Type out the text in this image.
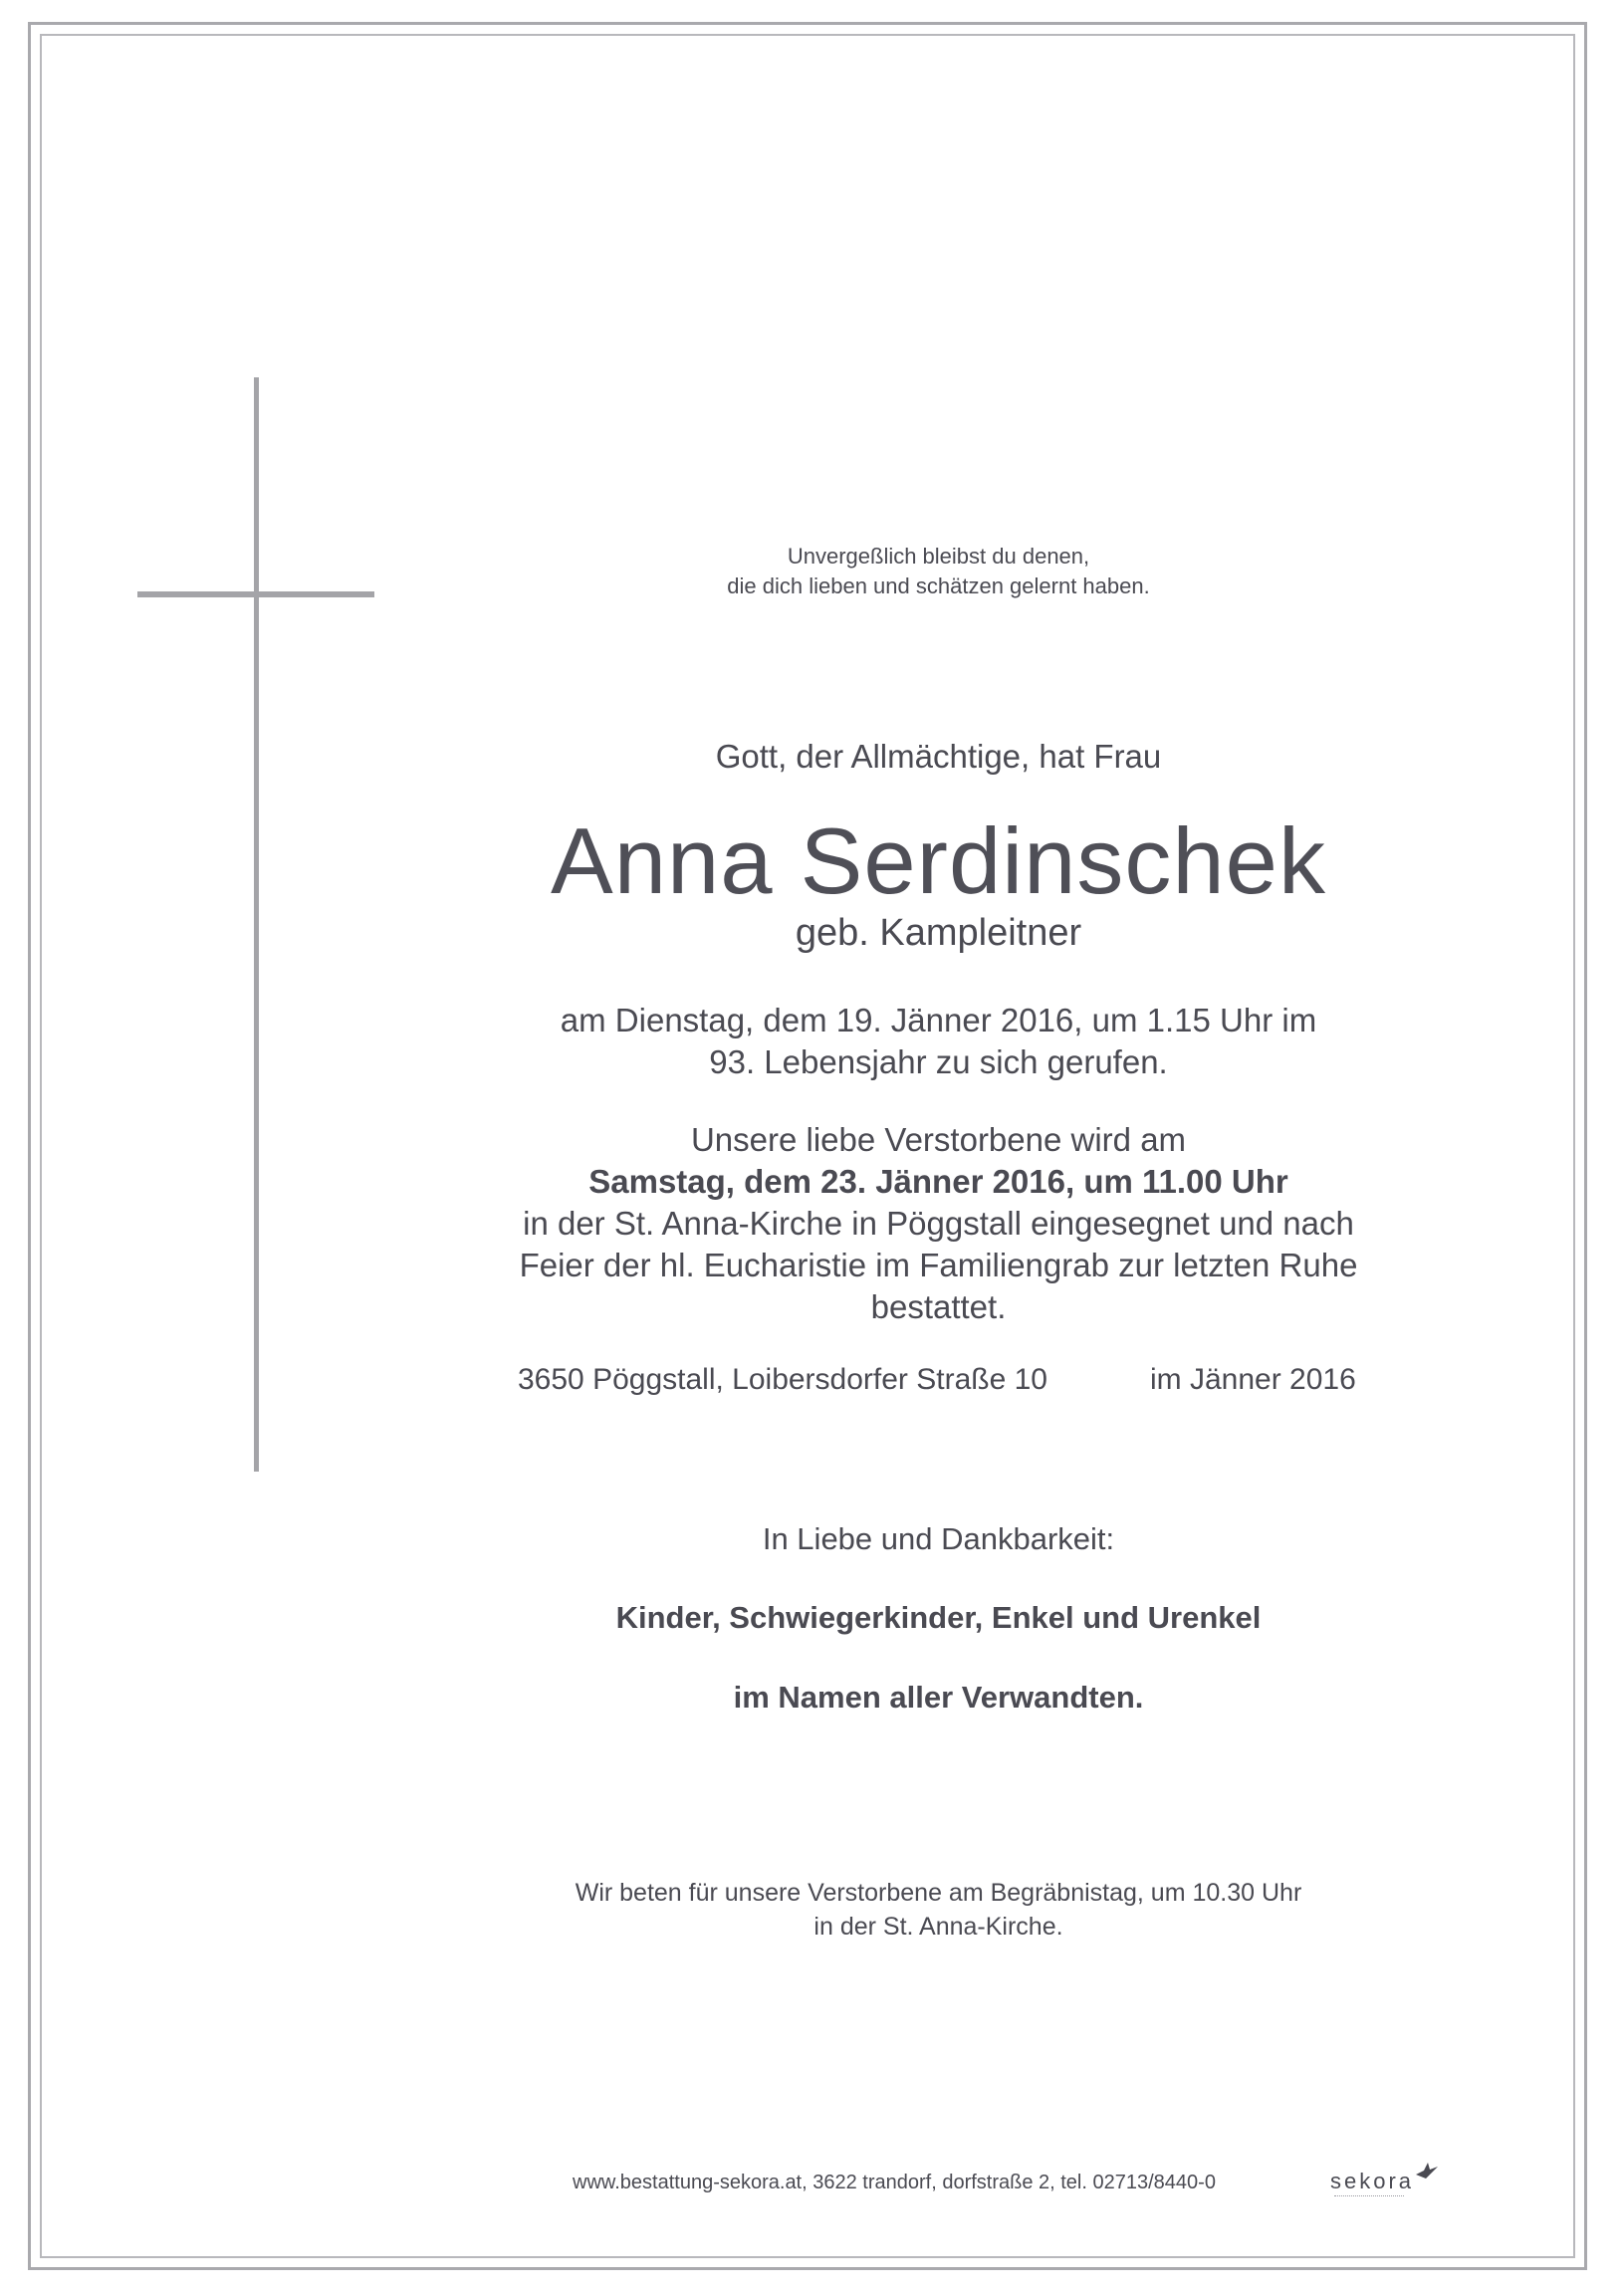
Unvergeßlich bleibst du denen,
die dich lieben und schätzen gelernt haben.
Gott, der Allmächtige, hat Frau
Anna Serdinschek
geb. Kampleitner
am Dienstag, dem 19. Jänner 2016, um 1.15 Uhr im
93. Lebensjahr zu sich gerufen.
Unsere liebe Verstorbene wird am
Samstag, dem 23. Jänner 2016, um 11.00 Uhr
in der St. Anna-Kirche in Pöggstall eingesegnet und nach
Feier der hl. Eucharistie im Familiengrab zur letzten Ruhe
bestattet.
3650 Pöggstall, Loibersdorfer Straße 10	im Jänner 2016
In Liebe und Dankbarkeit:
Kinder, Schwiegerkinder, Enkel und Urenkel
im Namen aller Verwandten.
Wir beten für unsere Verstorbene am Begräbnistag, um 10.30 Uhr
in der St. Anna-Kirche.
www.bestattung-sekora.at, 3622 trandorf, dorfstraße 2, tel. 02713/8440-0	sekora
